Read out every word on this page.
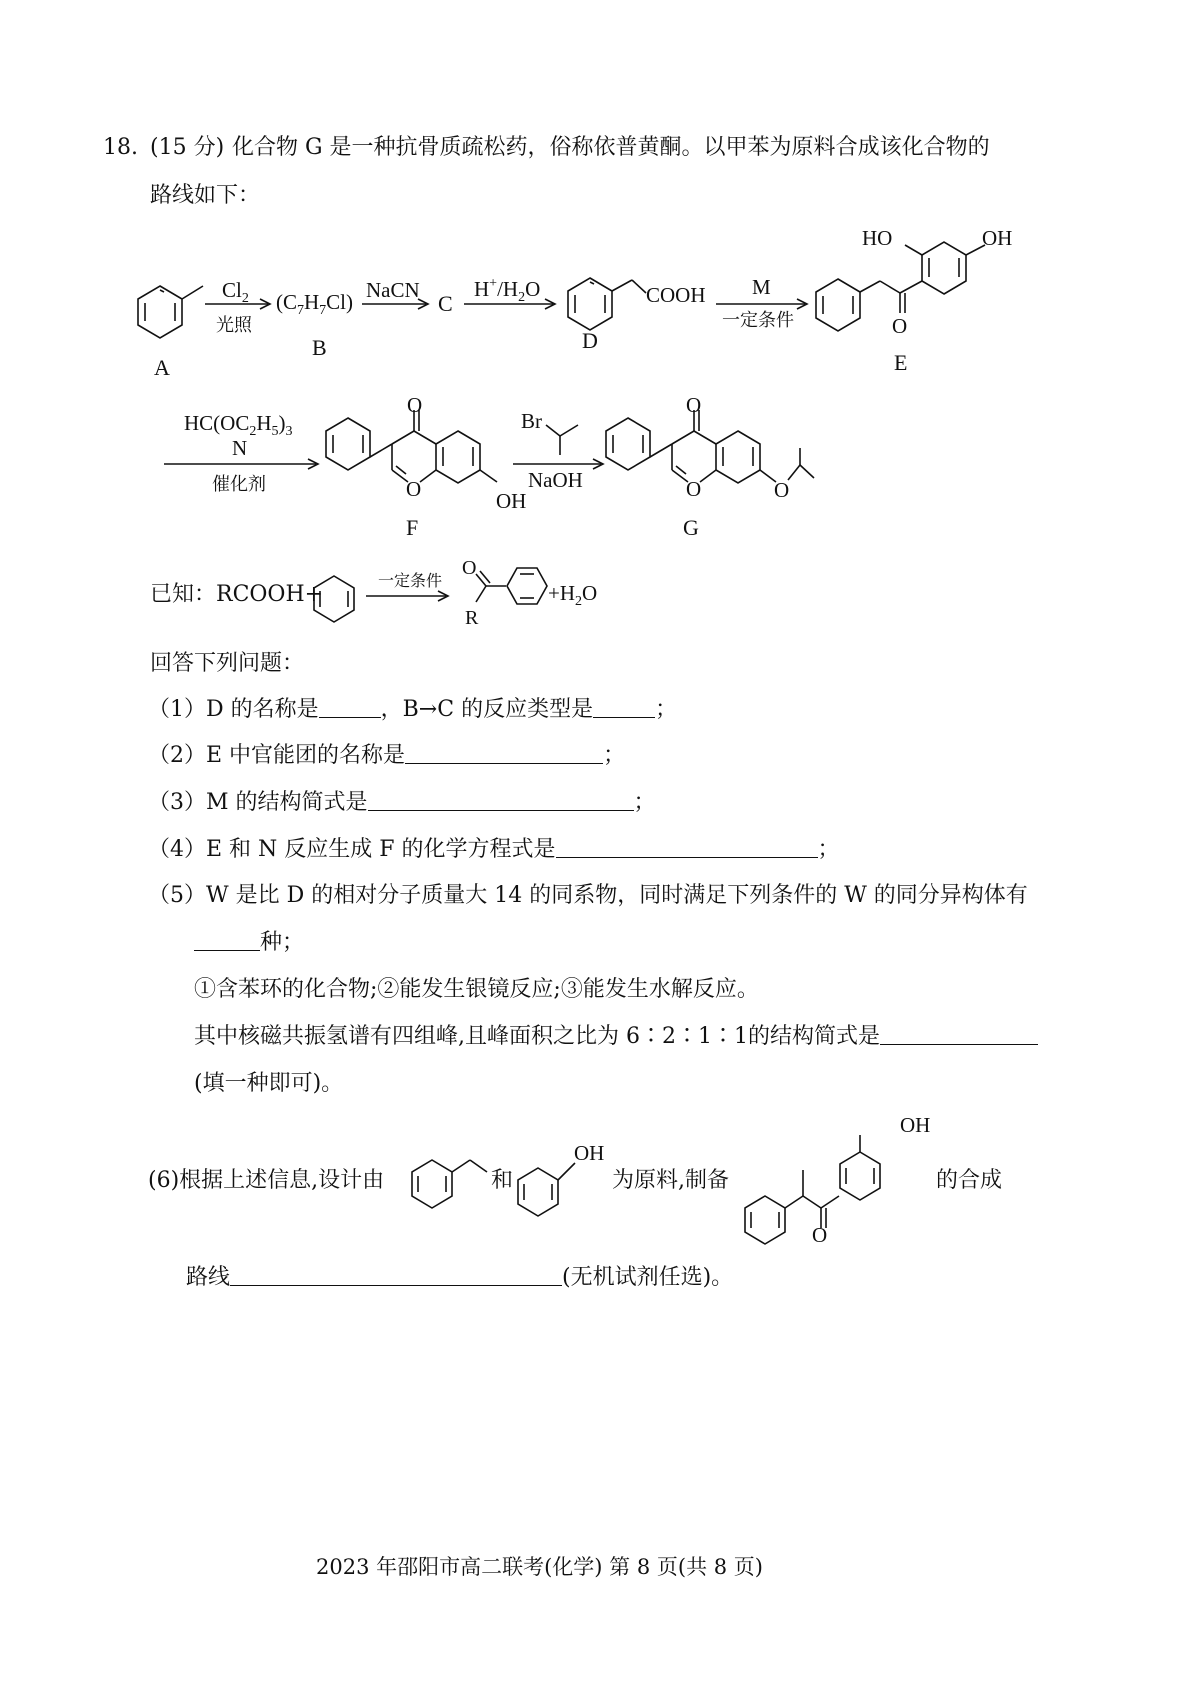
18. (15 分) 化合物 G 是一种抗骨质疏松药，俗称依普黄酮。以甲苯为原料合成该化合物的
路线如下：
A
$Cl_2$
光照
$(C_7H_7Cl)$
B
NaCN
C
$H^+/H_2O$	COOH
D
M
一定条件
HO	OH
O
E
$HC(OC_2H_5)_3$
N
催化剂
O
O	OH
F
Br
NaOH
O
O	O
G
一定条件
O
R
$+H_2O$
OH
OH
O
已知：RCOOH+
回答下列问题：
（1）D 的名称是	，B→C 的反应类型是	；
（2）E 中官能团的名称是	；
（3）M 的结构简式是	；
（4）E 和 N 反应生成 F 的化学方程式是	；
（5）W 是比 D 的相对分子质量大 14 的同系物，同时满足下列条件的 W 的同分异构体有
种；
①含苯环的化合物;②能发生银镜反应;③能发生水解反应。
其中核磁共振氢谱有四组峰,且峰面积之比为 6∶2∶1∶1的结构简式是
(填一种即可)。
(6)根据上述信息,设计由	和	为原料,制备	的合成
路线	(无机试剂任选)。
2023 年邵阳市高二联考(化学) 第 8 页(共 8 页)
